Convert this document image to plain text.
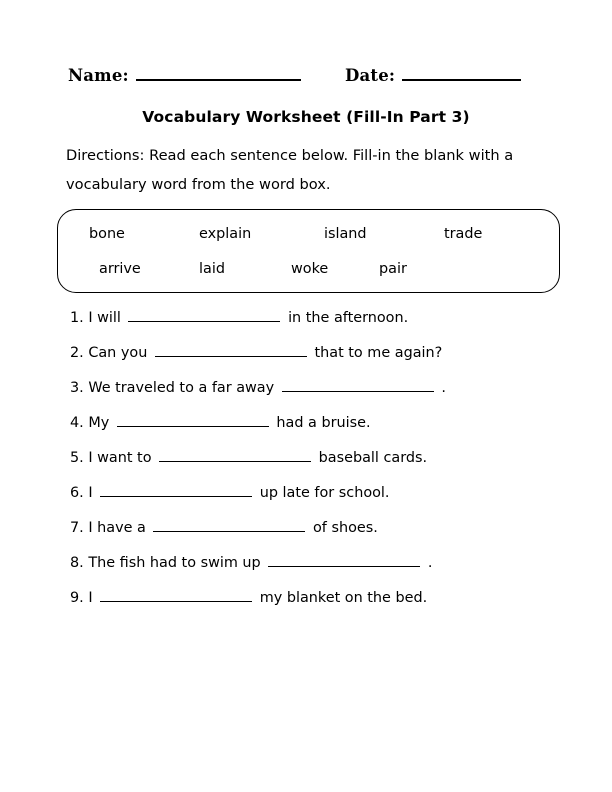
Name:	Date:
Vocabulary Worksheet (Fill-In Part 3)
Directions: Read each sentence below. Fill-in the blank with a vocabulary word from the word box.
bone	explain	island	trade
arrive	laid	woke	pair
1. I will	in the afternoon.
2. Can you	that to me again?
3. We traveled to a far away	.
4. My	had a bruise.
5. I want to	baseball cards.
6. I	up late for school.
7. I have a	of shoes.
8. The fish had to swim up	.
9. I	my blanket on the bed.
